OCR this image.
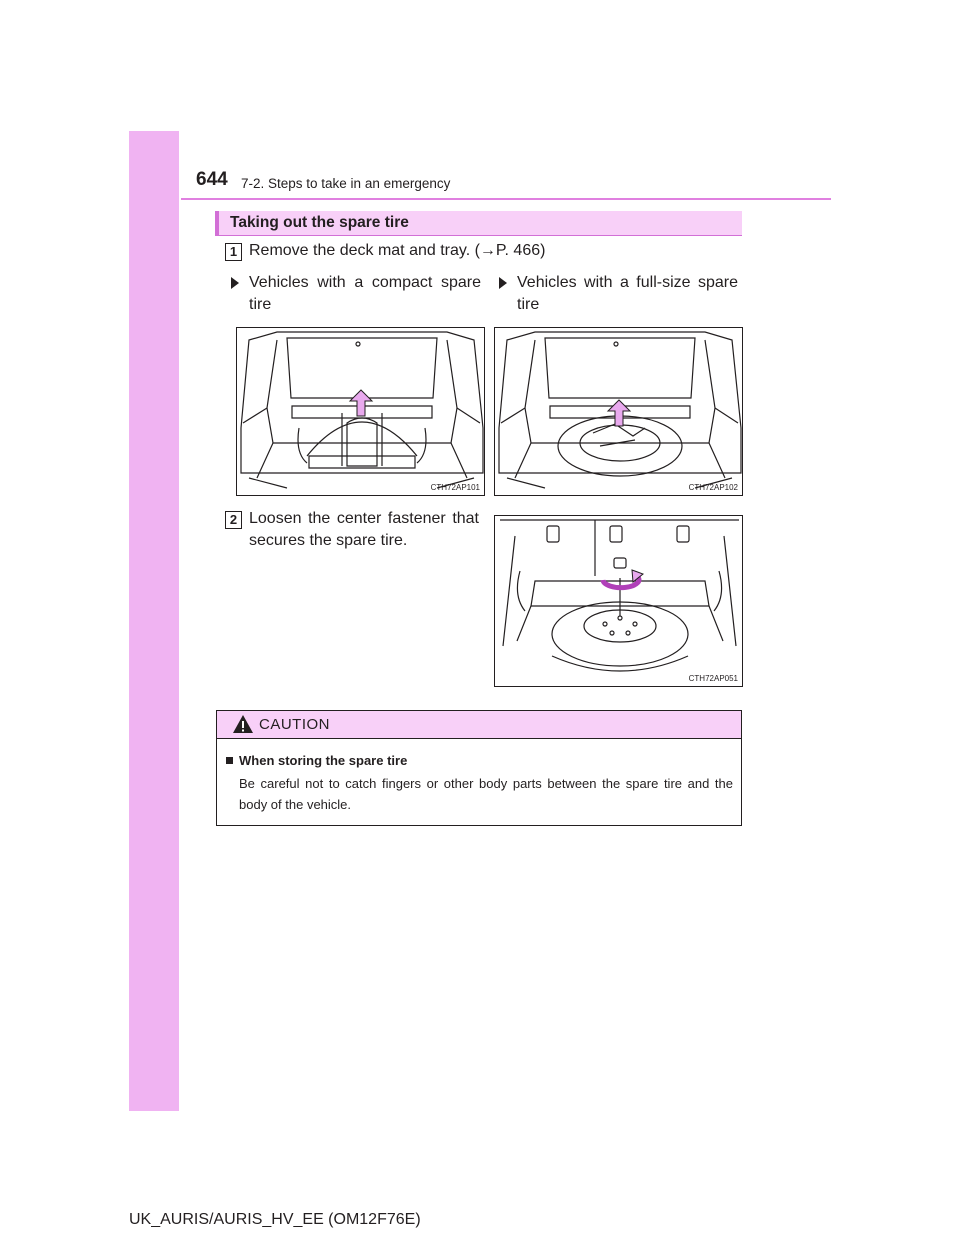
644 7-2. Steps to take in an emergency
Taking out the spare tire
1 Remove the deck mat and tray. (→P. 466)
Vehicles with a compact spare tire
Vehicles with a full-size spare tire
CTH72AP101	CTH72AP102
2 Loosen the center fastener that secures the spare tire.
CTH72AP051
CAUTION
When storing the spare tire
Be careful not to catch fingers or other body parts between the spare tire and the body of the vehicle.
UK_AURIS/AURIS_HV_EE (OM12F76E)
